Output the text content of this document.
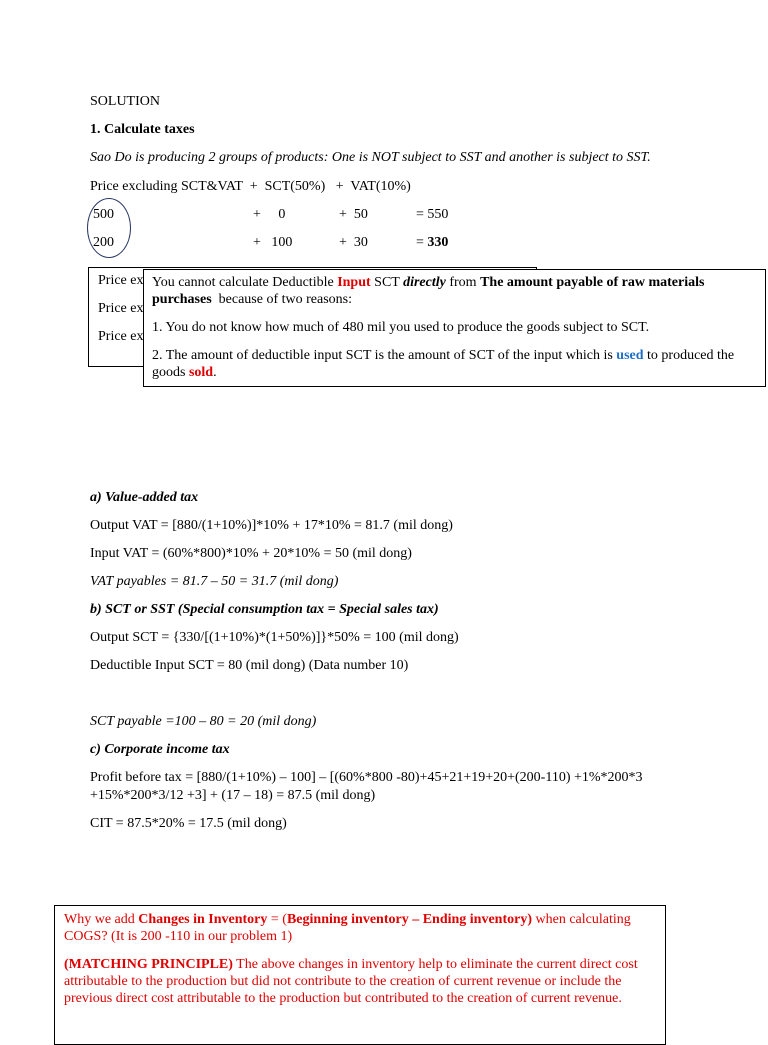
SOLUTION
1. Calculate taxes
Sao Do is producing 2 groups of products: One is NOT subject to SST and another is subject to SST.
Price excluding SCT&VAT  +  SCT(50%)   +  VAT(10%)
500	+     0	+  50	= 550
200	+   100	+  30	= 330
Price ex
Price ex
Price ex

You cannot calculate Deductible Input SCT directly from The amount payable of raw materials purchases  because of two reasons:

1. You do not know how much of 480 mil you used to produce the goods subject to SCT.

2. The amount of deductible input SCT is the amount of SCT of the input which is used to produced the goods sold.

a) Value-added tax
Output VAT = [880/(1+10%)]*10% + 17*10% = 81.7 (mil dong)
Input VAT = (60%*800)*10% + 20*10% = 50 (mil dong)
VAT payables = 81.7 – 50 = 31.7 (mil dong)
b) SCT or SST (Special consumption tax = Special sales tax)
Output SCT = {330/[(1+10%)*(1+50%)]}*50% = 100 (mil dong)
Deductible Input SCT = 80 (mil dong) (Data number 10)
SCT payable =100 – 80 = 20 (mil dong)
c) Corporate income tax
Profit before tax = [880/(1+10%) – 100] – [(60%*800 -80)+45+21+19+20+(200-110) +1%*200*3
+15%*200*3/12 +3] + (17 – 18) = 87.5 (mil dong)
CIT = 87.5*20% = 17.5 (mil dong)

Why we add Changes in Inventory = (Beginning inventory – Ending inventory) when calculating
COGS? (It is 200 -110 in our problem 1)

(MATCHING PRINCIPLE) The above changes in inventory help to eliminate the current direct cost
attributable to the production but did not contribute to the creation of current revenue or include the
previous direct cost attributable to the production but contributed to the creation of current revenue.
